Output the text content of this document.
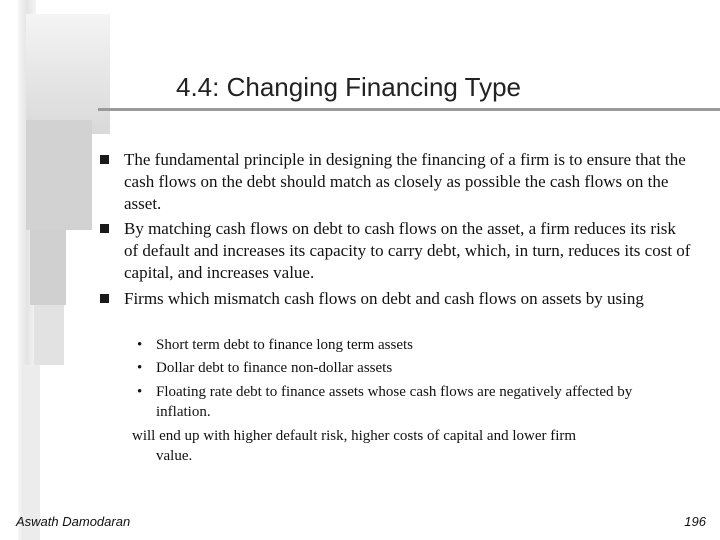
4.4: Changing Financing Type
The fundamental principle in designing the financing of a firm is to ensure that the cash flows on the debt should match as closely as possible the cash flows on the asset.
By matching cash flows on debt to cash flows on the asset, a firm reduces its risk of default and increases its capacity to carry debt, which, in turn, reduces its cost of capital, and increases value.
Firms which mismatch cash flows on debt and cash flows on assets by using
• Short term debt to finance long term assets
• Dollar debt to finance non-dollar assets
• Floating rate debt to finance assets whose cash flows are negatively affected by inflation.
will end up with higher default risk, higher costs of capital and lower firm
value.
Aswath Damodaran	196
